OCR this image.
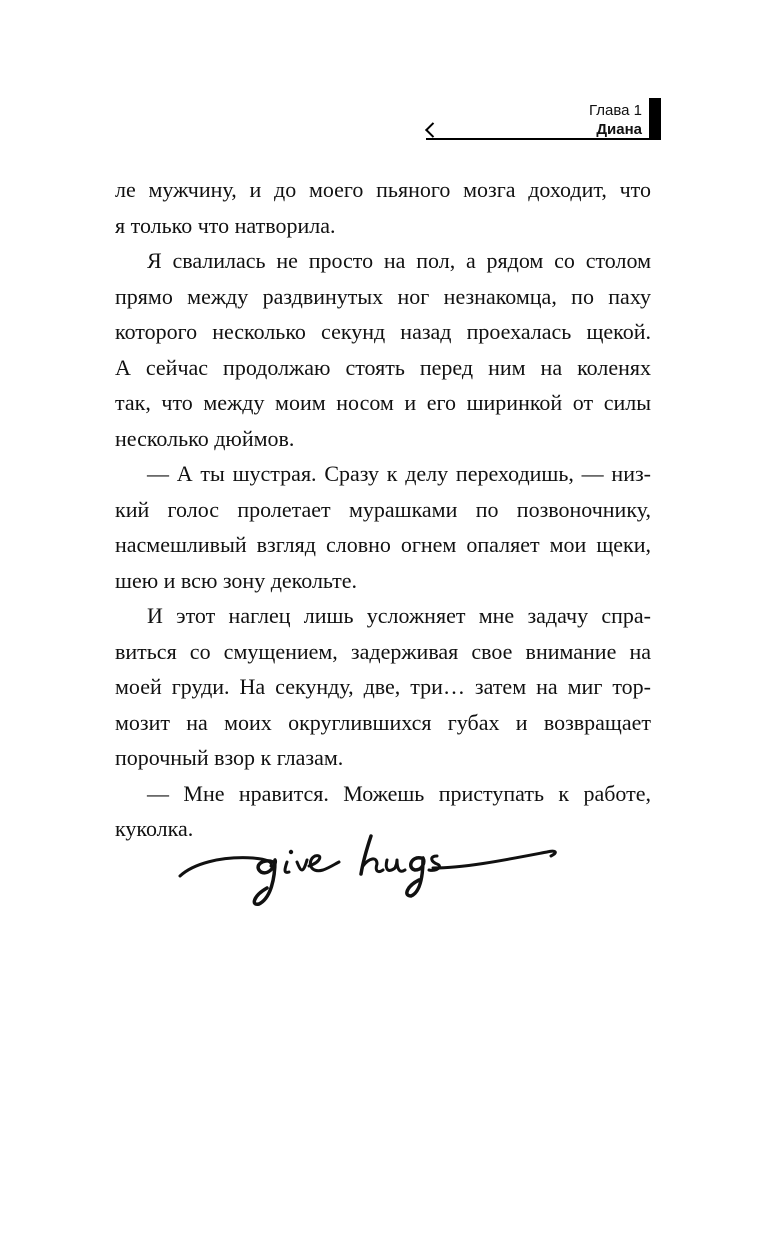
Глава 1
Диана

ле мужчину, и до моего пьяного мозга доходит, что

я только что натворила.

Я свалилась не просто на пол, а рядом со столом

прямо между раздвинутых ног незнакомца, по паху

которого несколько секунд назад проехалась щекой.

А сейчас продолжаю стоять перед ним на коленях

так, что между моим носом и его ширинкой от силы

несколько дюймов.

— А ты шустрая. Сразу к делу переходишь, — низ-

кий голос пролетает мурашками по позвоночнику,

насмешливый взгляд словно огнем опаляет мои щеки,

шею и всю зону декольте.

И этот наглец лишь усложняет мне задачу спра-

виться со смущением, задерживая свое внимание на

моей груди. На секунду, две, три… затем на миг тор-

мозит на моих округлившихся губах и возвращает

порочный взор к глазам.

— Мне нравится. Можешь приступать к работе,

куколка.
